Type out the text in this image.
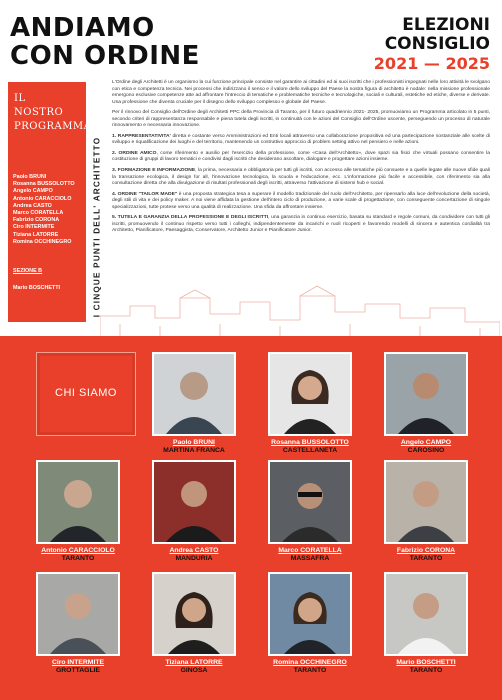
ANDIAMO
CON ORDINE
ELEZIONI
CONSIGLIO
2021 — 2025
IL
NOSTRO
PROGRAMMA
Paolo BRUNI
Rosanna BUSSOLOTTO
Angelo CAMPO
Antonio CARACCIOLO
Andrea CASTO
Marco CORATELLA
Fabrizio CORONA
Ciro INTERMITE
Tiziana LATORRE
Romina OCCHINEGRO
SEZIONE B
Mario BOSCHETTI	I CINQUE PUNTI DELL' ARCHITETTO

L'Ordine degli Architetti è un organismo la cui funzione principale consiste nel garantire ai cittadini ed ai suoi iscritti che i professionisti impegnati nelle loro attività le svolgano con etica e competenza tecnica. Nei processi che indirizzano il senso e il valore dello sviluppo del Paese la nostra figura di architetto è nodale: nella missione professionale emergono esclusive competenze atte ad affrontare l'intreccio di tematiche e problematiche tecniche e tecnologiche, sociali e culturali, estetiche ed etiche, diverse e derivate. Una professione che diventa cruciale per il disegno dello sviluppo complesso e globale del Paese.

Per il rinnovo del Consiglio dell'Ordine degli Architetti PPC della Provincia di Taranto, per il futuro quadriennio 2021- 2025, promuoviamo un Programma articolato in 5 punti, secondo criteri di rappresentanza responsabile e piena tutela degli iscritti, in continuità con le azioni del Consiglio dell'Ordine uscente, perseguendo un processo di naturale rinnovamento e necessaria innovazione.

1. RAPPRESENTATIVITA' diretta e costante verso Amministrazioni ed Enti locali attraverso una collaborazione propositiva ed una partecipazione sostanziale alle scelte di sviluppo e riqualificazione dei luoghi e del territorio, mantenendo un costruttivo approccio di problem setting attivo nel pensiero e nelle azioni.

2. ORDINE AMICO, come riferimento e ausilio per l'esercizio della professione, come «Casa dell'Architetto», dove spazi sia fisici che virtuali possano consentire la costituzione di gruppi di lavoro tematici e condivisi dagli iscritti che desiderano ascoltare, dialogare e progettare azioni insieme.

3. FORMAZIONE E INFORMAZIONE, la prima, necessaria e obbligatoria per tutti gli iscritti, con accesso alle tematiche più consuete e a quelle legate alle nuove sfide quali la transazione ecologica, il design for all, l'innovazione tecnologica, la scuola e l'educazione, ecc. L'informazione più facile e accessibile, con riferimento sia alla consultazione diretta che alla divulgazione di risultati professionali degli iscritti, attraverso l'attivazione di sistemi hub e social.

4. ORDINE "TAILOR MADE" è una proposta strategica tesa a superare il modello tradizionale del ruolo dell'Architetto, per ripensarlo alla luce dell'evoluzione della società, degli stili di vita e dei policy maker. A noi viene affidata la gestione dell'intero ciclo di produzione, a varie scale di progettazione, con conseguente concertazione di singole specializzazioni, tutte protese verso una qualità di realizzazione. Una sfida da affrontare insieme.

5. TUTELA E GARANZIA DELLA PROFESSIONE E DEGLI ISCRITTI, una garanzia in continuo esercizio, basata su standard e regole comuni, da condividere con tutti gli iscritti, promuovendo il continuo rispetto verso tutti i colleghi, indipendentemente da incarichi e ruoli ricoperti e favorendo modelli di sincera e autentica cordialità tra Architetto, Pianificatore, Paesaggista, Conservatore, Architetto Junior e Pianificatore Junior.

CHI SIAMO
Paolo BRUNI
MARTINA FRANCA
Rosanna BUSSOLOTTO
CASTELLANETA
Angelo CAMPO
CAROSINO
Antonio CARACCIOLO
TARANTO
Andrea CASTO
MANDURIA
Marco CORATELLA
MASSAFRA
Fabrizio CORONA
TARANTO
Ciro INTERMITE
GROTTAGLIE
Tiziana LATORRE
GINOSA
Romina OCCHINEGRO
TARANTO
Mario BOSCHETTI
TARANTO
